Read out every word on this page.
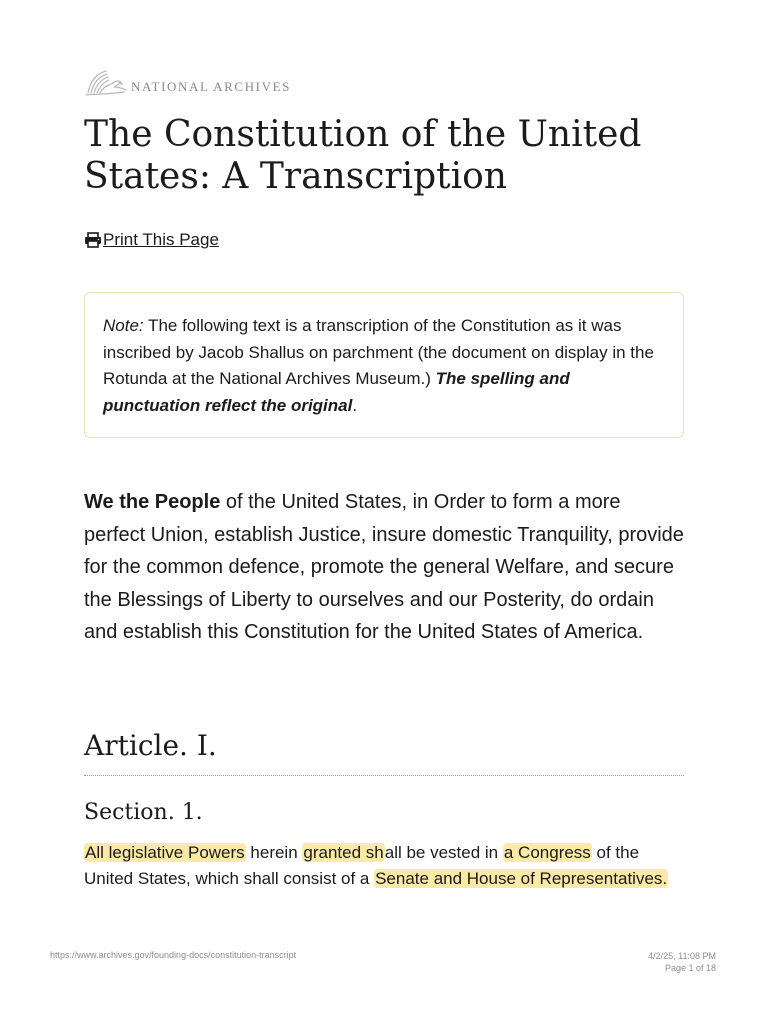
NATIONAL ARCHIVES
The Constitution of the United States: A Transcription
Print This Page

Note: The following text is a transcription of the Constitution as it was inscribed by Jacob Shallus on parchment (the document on display in the Rotunda at the National Archives Museum.) The spelling and punctuation reflect the original.

We the People of the United States, in Order to form a more perfect Union, establish Justice, insure domestic Tranquility, provide for the common defence, promote the general Welfare, and secure the Blessings of Liberty to ourselves and our Posterity, do ordain and establish this Constitution for the United States of America.

Article. I.
Section. 1.

All legislative Powers herein granted shall be vested in a Congress of the United States, which shall consist of a Senate and House of Representatives.

https://www.archives.gov/founding-docs/constitution-transcript	4/2/25, 11:08 PM
Page 1 of 18
